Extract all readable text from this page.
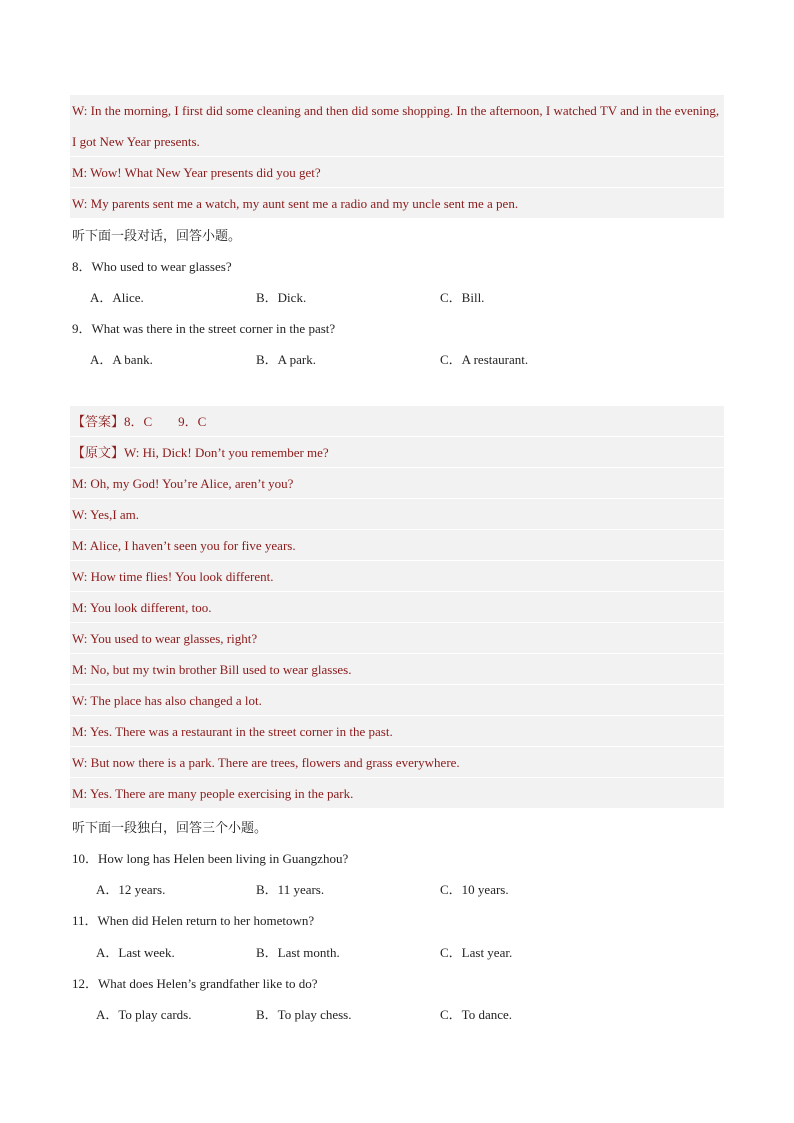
W: In the morning, I first did some cleaning and then did some shopping. In the afternoon, I watched TV and in the evening, I got New Year presents.
M: Wow! What New Year presents did you get?
W: My parents sent me a watch, my aunt sent me a radio and my uncle sent me a pen.
听下面一段对话，回答小题。
8．Who used to wear glasses?
A．Alice.	B．Dick.	C．Bill.
9．What was there in the street corner in the past?
A．A bank.	B．A park.	C．A restaurant.
【答案】8．C　　9．C
【原文】W: Hi, Dick! Don’t you remember me?
M: Oh, my God! You’re Alice, aren’t you?
W: Yes,I am.
M: Alice, I haven’t seen you for five years.
W: How time flies! You look different.
M: You look different, too.
W: You used to wear glasses, right?
M: No, but my twin brother Bill used to wear glasses.
W: The place has also changed a lot.
M: Yes. There was a restaurant in the street corner in the past.
W: But now there is a park. There are trees, flowers and grass everywhere.
M: Yes. There are many people exercising in the park.
听下面一段独白，回答三个小题。
10．How long has Helen been living in Guangzhou?
A．12 years.	B．11 years.	C．10 years.
11．When did Helen return to her hometown?
A．Last week.	B．Last month.	C．Last year.
12．What does Helen’s grandfather like to do?
A．To play cards.	B．To play chess.	C．To dance.
